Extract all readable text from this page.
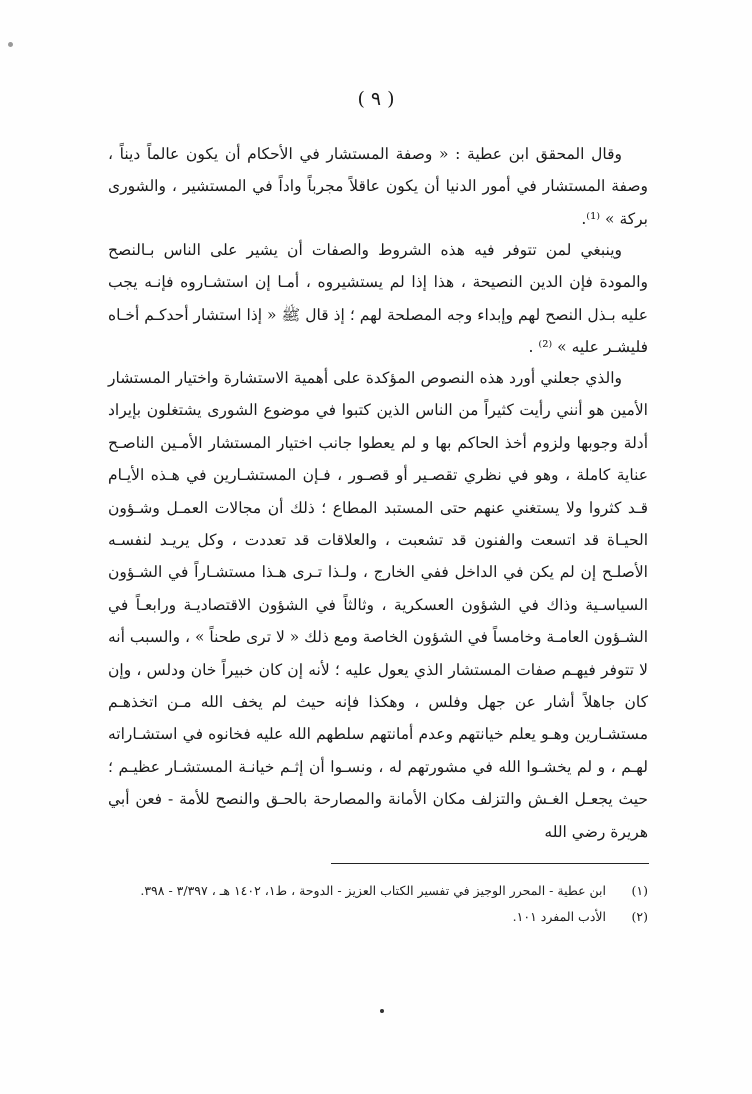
( ٩ )

وقال المحقق ابن عطية : « وصفة المستشار في الأحكام أن يكون عالماً ديناً ، وصفة المستشار في أمور الدنيا أن يكون عاقلاً مجرباً واداً في المستشير ، والشورى بركة » ⁽¹⁾.

وينبغي لمن تتوفر فيه هذه الشروط والصفات أن يشير على الناس بـالنصح والمودة فإن الدين النصيحة ، هذا إذا لم يستشيروه ، أمـا إن استشـاروه فإنـه يجب عليه بـذل النصح لهم وإبداء وجه المصلحة لهم ؛ إذ قال ﷺ « إذا استشار أحدكـم أخـاه فليشـر عليه » ⁽²⁾ .

والذي جعلني أورد هذه النصوص المؤكدة على أهمية الاستشارة واختيار المستشار الأمين هو أنني رأيت كثيراً من الناس الذين كتبوا في موضوع الشورى يشتغلون بإيراد أدلة وجوبها ولزوم أخذ الحاكم بها و لم يعطوا جانب اختيار المستشار الأمـين الناصـح عناية كاملة ، وهو في نظري تقصـير أو قصـور ، فـإن المستشـارين في هـذه الأيـام قـد كثروا ولا يستغني عنهم حتى المستبد المطاع ؛ ذلك أن مجالات العمـل وشـؤون الحيـاة قد اتسعت والفنون قد تشعبت ، والعلاقات قد تعددت ، وكل يريـد لنفسـه الأصلـح إن لم يكن في الداخل ففي الخارج ، ولـذا تـرى هـذا مستشـاراً في الشـؤون السياسـية وذاك في الشؤون العسكرية ، وثالثاً في الشؤون الاقتصاديـة ورابعـاً في الشـؤون العامـة وخامساً في الشؤون الخاصة ومع ذلك « لا ترى طحناً » ، والسبب أنه لا تتوفر فيهـم صفات المستشار الذي يعول عليه ؛ لأنه إن كان خبيراً خان ودلس ، وإن كان جاهلاً أشار عن جهل وفلس ، وهكذا فإنه حيث لم يخف الله مـن اتخذهـم مستشـارين وهـو يعلم خيانتهم وعدم أمانتهم سلطهم الله عليه فخانوه في استشـاراته لهـم ، و لم يخشـوا الله في مشورتهم له ، ونسـوا أن إثـم خيانـة المستشـار عظيـم ؛ حيث يجعـل الغـش والتزلف مكان الأمانة والمصارحة بالحـق والنصح للأمة - فعن أبي هريرة رضي الله

(١)
ابن عطية - المحرر الوجيز في تفسير الكتاب العزيز - الدوحة ، ط١، ١٤٠٢ هـ ، ٣/٣٩٧ - ٣٩٨.
(٢)
الأدب المفرد ١٠١.
